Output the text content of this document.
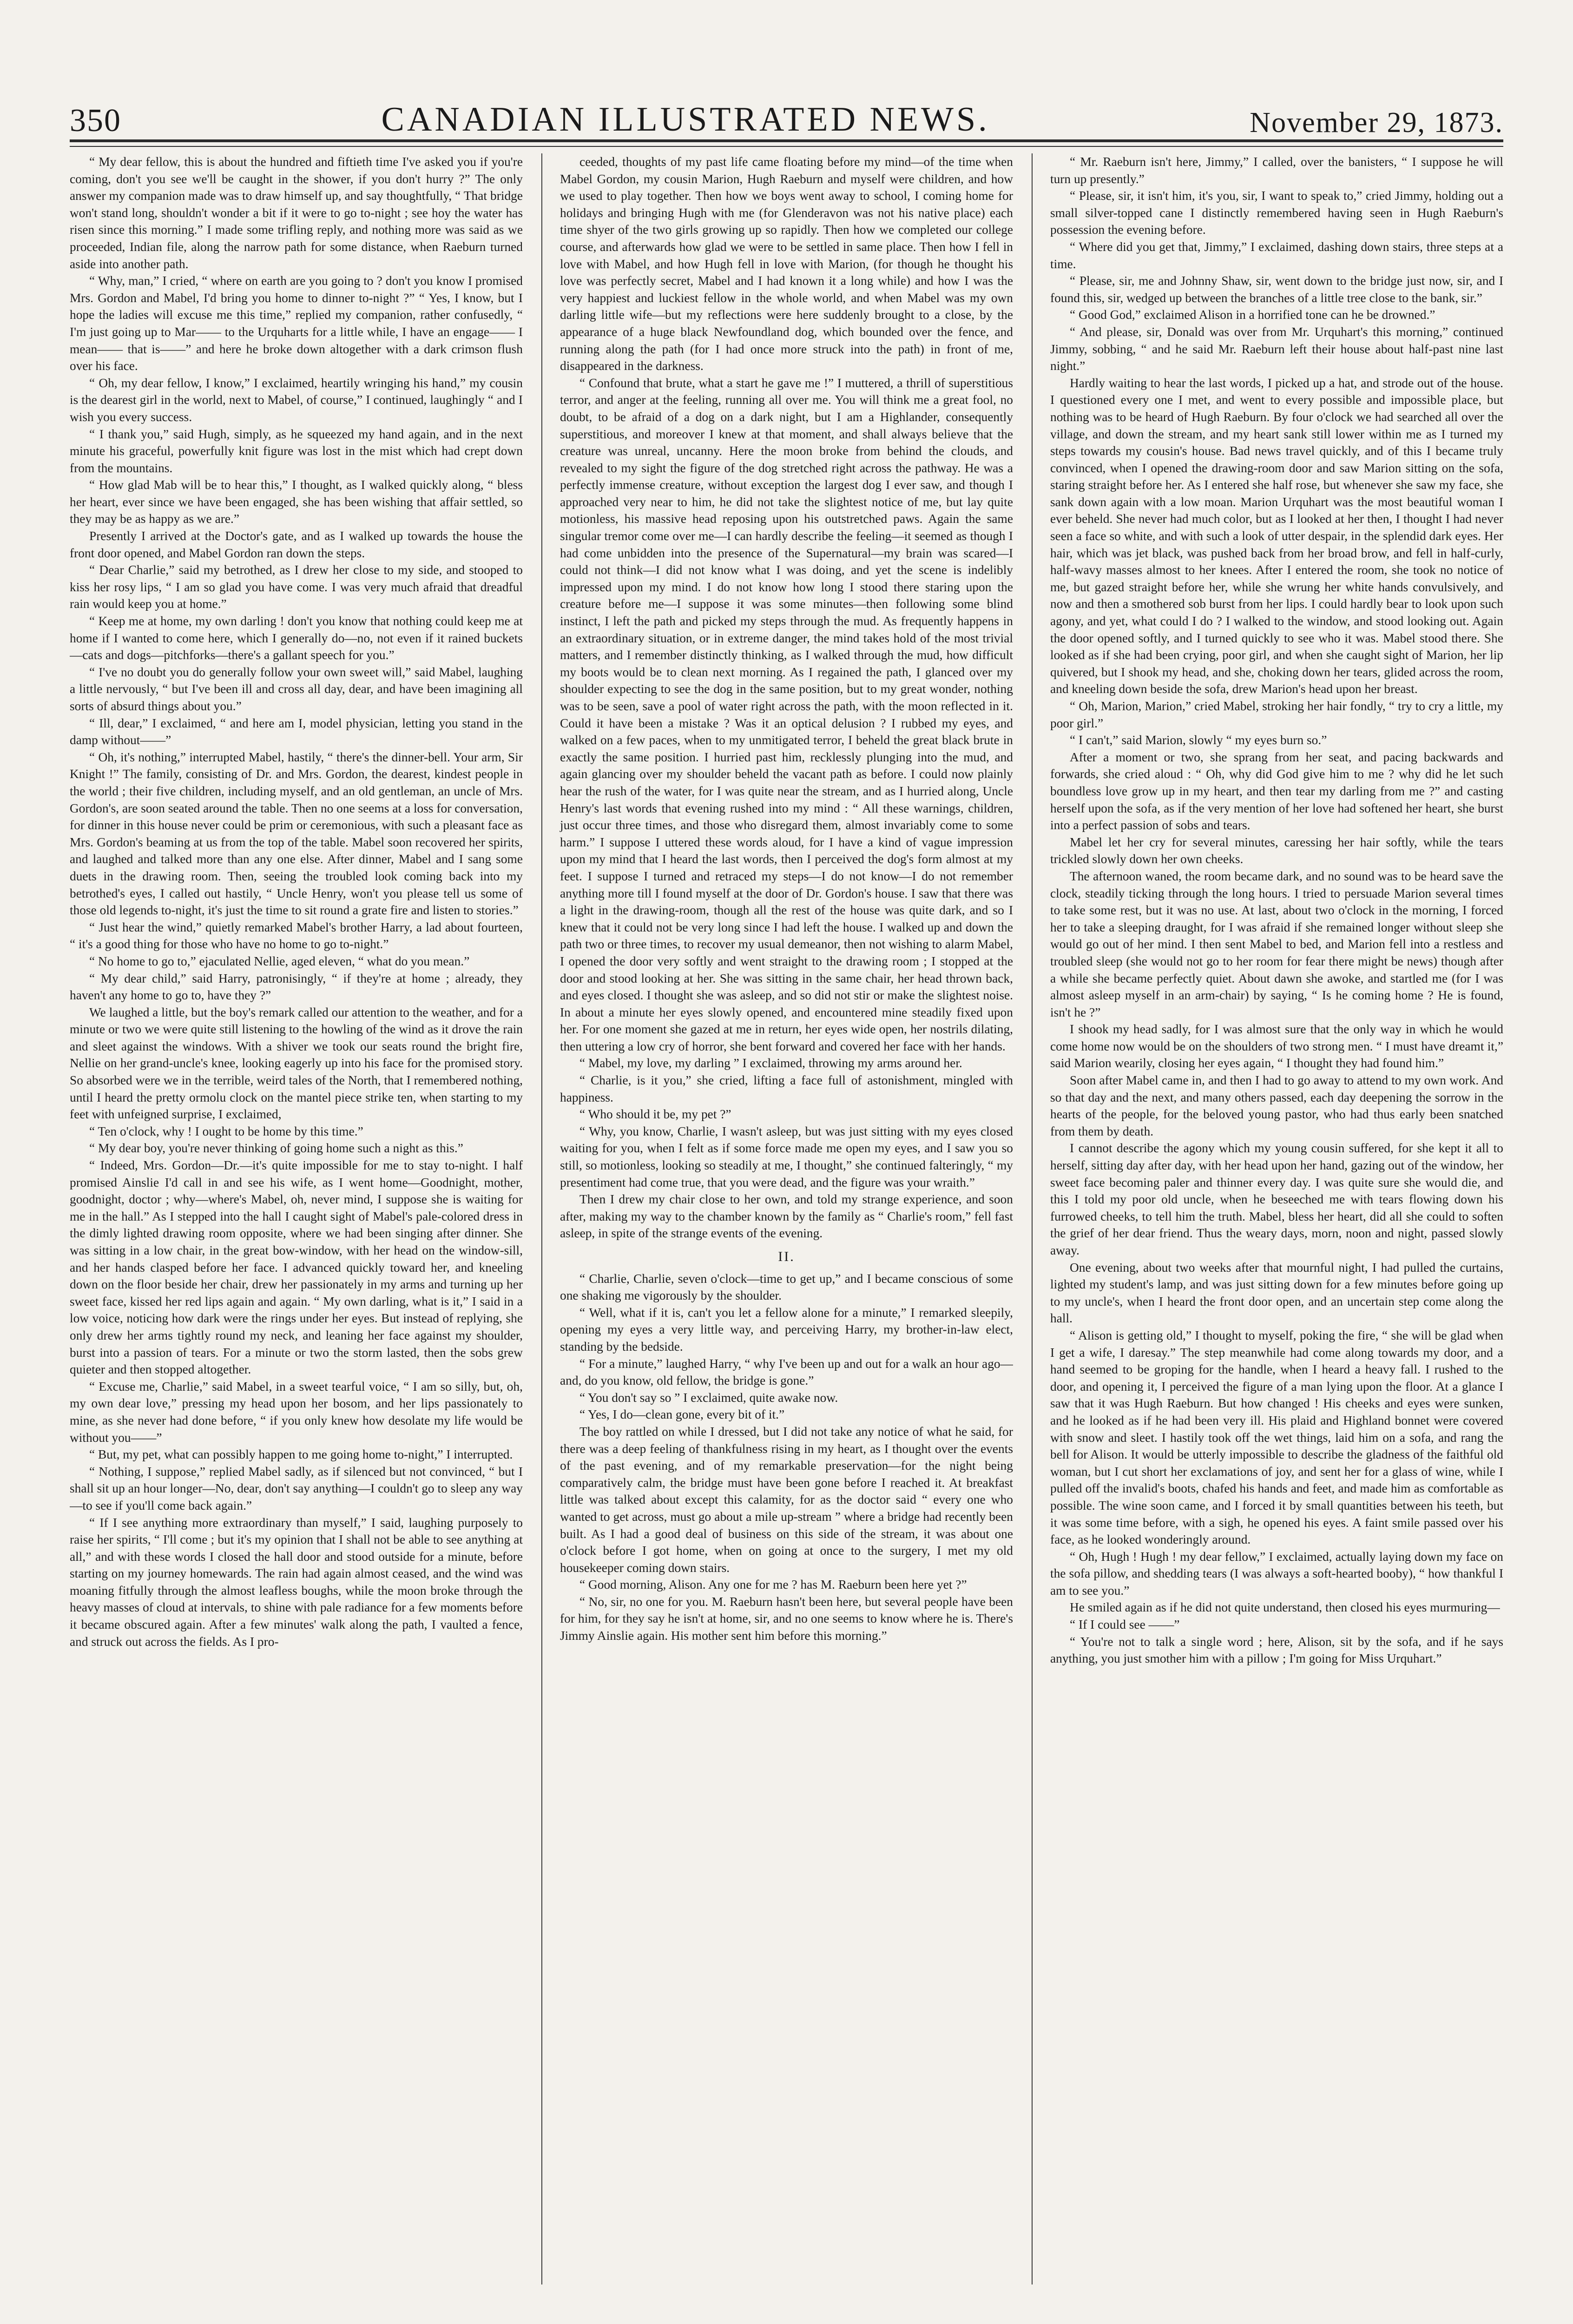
350	CANADIAN ILLUSTRATED NEWS.	November 29, 1873.

“ My dear fellow, this is about the hundred and fiftieth time I've asked you if you're coming, don't you see we'll be caught in the shower, if you don't hurry ?” The only answer my companion made was to draw himself up, and say thoughtfully, “ That bridge won't stand long, shouldn't wonder a bit if it were to go to-night ; see hoy the water has risen since this morning.” I made some trifling reply, and nothing more was said as we proceeded, Indian file, along the narrow path for some distance, when Raeburn turned aside into another path.

“ Why, man,” I cried, “ where on earth are you going to ? don't you know I promised Mrs. Gordon and Mabel, I'd bring you home to dinner to-night ?” “ Yes, I know, but I hope the ladies will excuse me this time,” replied my companion, rather confusedly, “ I'm just going up to Mar—— to the Urquharts for a little while, I have an engage—— I mean—— that is——” and here he broke down altogether with a dark crimson flush over his face.

“ Oh, my dear fellow, I know,” I exclaimed, heartily wringing his hand,” my cousin is the dearest girl in the world, next to Mabel, of course,” I continued, laughingly “ and I wish you every success.

“ I thank you,” said Hugh, simply, as he squeezed my hand again, and in the next minute his graceful, powerfully knit figure was lost in the mist which had crept down from the mountains.

“ How glad Mab will be to hear this,” I thought, as I walked quickly along, “ bless her heart, ever since we have been engaged, she has been wishing that affair settled, so they may be as happy as we are.”

Presently I arrived at the Doctor's gate, and as I walked up towards the house the front door opened, and Mabel Gordon ran down the steps.

“ Dear Charlie,” said my betrothed, as I drew her close to my side, and stooped to kiss her rosy lips, “ I am so glad you have come. I was very much afraid that dreadful rain would keep you at home.”

“ Keep me at home, my own darling ! don't you know that nothing could keep me at home if I wanted to come here, which I generally do—no, not even if it rained buckets—cats and dogs—pitchforks—there's a gallant speech for you.”

“ I've no doubt you do generally follow your own sweet will,” said Mabel, laughing a little nervously, “ but I've been ill and cross all day, dear, and have been imagining all sorts of absurd things about you.”

“ Ill, dear,” I exclaimed, “ and here am I, model physician, letting you stand in the damp without——”

“ Oh, it's nothing,” interrupted Mabel, hastily, “ there's the dinner-bell. Your arm, Sir Knight !” The family, consisting of Dr. and Mrs. Gordon, the dearest, kindest people in the world ; their five children, including myself, and an old gentleman, an uncle of Mrs. Gordon's, are soon seated around the table. Then no one seems at a loss for conversation, for dinner in this house never could be prim or ceremonious, with such a pleasant face as Mrs. Gordon's beaming at us from the top of the table. Mabel soon recovered her spirits, and laughed and talked more than any one else. After dinner, Mabel and I sang some duets in the drawing room. Then, seeing the troubled look coming back into my betrothed's eyes, I called out hastily, “ Uncle Henry, won't you please tell us some of those old legends to-night, it's just the time to sit round a grate fire and listen to stories.”

“ Just hear the wind,” quietly remarked Mabel's brother Harry, a lad about fourteen, “ it's a good thing for those who have no home to go to-night.”

“ No home to go to,” ejaculated Nellie, aged eleven, “ what do you mean.”

“ My dear child,” said Harry, patronisingly, “ if they're at home ; already, they haven't any home to go to, have they ?”

We laughed a little, but the boy's remark called our attention to the weather, and for a minute or two we were quite still listening to the howling of the wind as it drove the rain and sleet against the windows. With a shiver we took our seats round the bright fire, Nellie on her grand-uncle's knee, looking eagerly up into his face for the promised story. So absorbed were we in the terrible, weird tales of the North, that I remembered nothing, until I heard the pretty ormolu clock on the mantel piece strike ten, when starting to my feet with unfeigned surprise, I exclaimed,

“ Ten o'clock, why ! I ought to be home by this time.”

“ My dear boy, you're never thinking of going home such a night as this.”

“ Indeed, Mrs. Gordon—Dr.—it's quite impossible for me to stay to-night. I half promised Ainslie I'd call in and see his wife, as I went home—Goodnight, mother, goodnight, doctor ; why—where's Mabel, oh, never mind, I suppose she is waiting for me in the hall.” As I stepped into the hall I caught sight of Mabel's pale-colored dress in the dimly lighted drawing room opposite, where we had been singing after dinner. She was sitting in a low chair, in the great bow-window, with her head on the window-sill, and her hands clasped before her face. I advanced quickly toward her, and kneeling down on the floor beside her chair, drew her passionately in my arms and turning up her sweet face, kissed her red lips again and again. “ My own darling, what is it,” I said in a low voice, noticing how dark were the rings under her eyes. But instead of replying, she only drew her arms tightly round my neck, and leaning her face against my shoulder, burst into a passion of tears. For a minute or two the storm lasted, then the sobs grew quieter and then stopped altogether.

“ Excuse me, Charlie,” said Mabel, in a sweet tearful voice, “ I am so silly, but, oh, my own dear love,” pressing my head upon her bosom, and her lips passionately to mine, as she never had done before, “ if you only knew how desolate my life would be without you——”

“ But, my pet, what can possibly happen to me going home to-night,” I interrupted.

“ Nothing, I suppose,” replied Mabel sadly, as if silenced but not convinced, “ but I shall sit up an hour longer—No, dear, don't say anything—I couldn't go to sleep any way—to see if you'll come back again.”

“ If I see anything more extraordinary than myself,” I said, laughing purposely to raise her spirits, “ I'll come ; but it's my opinion that I shall not be able to see anything at all,” and with these words I closed the hall door and stood outside for a minute, before starting on my journey homewards. The rain had again almost ceased, and the wind was moaning fitfully through the almost leafless boughs, while the moon broke through the heavy masses of cloud at intervals, to shine with pale radiance for a few moments before it became obscured again. After a few minutes' walk along the path, I vaulted a fence, and struck out across the fields. As I pro-

ceeded, thoughts of my past life came floating before my mind—of the time when Mabel Gordon, my cousin Marion, Hugh Raeburn and myself were children, and how we used to play together. Then how we boys went away to school, I coming home for holidays and bringing Hugh with me (for Glenderavon was not his native place) each time shyer of the two girls growing up so rapidly. Then how we completed our college course, and afterwards how glad we were to be settled in same place. Then how I fell in love with Mabel, and how Hugh fell in love with Marion, (for though he thought his love was perfectly secret, Mabel and I had known it a long while) and how I was the very happiest and luckiest fellow in the whole world, and when Mabel was my own darling little wife—but my reflections were here suddenly brought to a close, by the appearance of a huge black Newfoundland dog, which bounded over the fence, and running along the path (for I had once more struck into the path) in front of me, disappeared in the darkness.

“ Confound that brute, what a start he gave me !” I muttered, a thrill of superstitious terror, and anger at the feeling, running all over me. You will think me a great fool, no doubt, to be afraid of a dog on a dark night, but I am a Highlander, consequently superstitious, and moreover I knew at that moment, and shall always believe that the creature was unreal, uncanny. Here the moon broke from behind the clouds, and revealed to my sight the figure of the dog stretched right across the pathway. He was a perfectly immense creature, without exception the largest dog I ever saw, and though I approached very near to him, he did not take the slightest notice of me, but lay quite motionless, his massive head reposing upon his outstretched paws. Again the same singular tremor come over me—I can hardly describe the feeling—it seemed as though I had come unbidden into the presence of the Supernatural—my brain was scared—I could not think—I did not know what I was doing, and yet the scene is indelibly impressed upon my mind. I do not know how long I stood there staring upon the creature before me—I suppose it was some minutes—then following some blind instinct, I left the path and picked my steps through the mud. As frequently happens in an extraordinary situation, or in extreme danger, the mind takes hold of the most trivial matters, and I remember distinctly thinking, as I walked through the mud, how difficult my boots would be to clean next morning. As I regained the path, I glanced over my shoulder expecting to see the dog in the same position, but to my great wonder, nothing was to be seen, save a pool of water right across the path, with the moon reflected in it. Could it have been a mistake ? Was it an optical delusion ? I rubbed my eyes, and walked on a few paces, when to my unmitigated terror, I beheld the great black brute in exactly the same position. I hurried past him, recklessly plunging into the mud, and again glancing over my shoulder beheld the vacant path as before. I could now plainly hear the rush of the water, for I was quite near the stream, and as I hurried along, Uncle Henry's last words that evening rushed into my mind : “ All these warnings, children, just occur three times, and those who disregard them, almost invariably come to some harm.” I suppose I uttered these words aloud, for I have a kind of vague impression upon my mind that I heard the last words, then I perceived the dog's form almost at my feet. I suppose I turned and retraced my steps—I do not know—I do not remember anything more till I found myself at the door of Dr. Gordon's house. I saw that there was a light in the drawing-room, though all the rest of the house was quite dark, and so I knew that it could not be very long since I had left the house. I walked up and down the path two or three times, to recover my usual demeanor, then not wishing to alarm Mabel, I opened the door very softly and went straight to the drawing room ; I stopped at the door and stood looking at her. She was sitting in the same chair, her head thrown back, and eyes closed. I thought she was asleep, and so did not stir or make the slightest noise. In about a minute her eyes slowly opened, and encountered mine steadily fixed upon her. For one moment she gazed at me in return, her eyes wide open, her nostrils dilating, then uttering a low cry of horror, she bent forward and covered her face with her hands.

“ Mabel, my love, my darling ” I exclaimed, throwing my arms around her.

“ Charlie, is it you,” she cried, lifting a face full of astonishment, mingled with happiness.

“ Who should it be, my pet ?”

“ Why, you know, Charlie, I wasn't asleep, but was just sitting with my eyes closed waiting for you, when I felt as if some force made me open my eyes, and I saw you so still, so motionless, looking so steadily at me, I thought,” she continued falteringly, “ my presentiment had come true, that you were dead, and the figure was your wraith.”

Then I drew my chair close to her own, and told my strange experience, and soon after, making my way to the chamber known by the family as “ Charlie's room,” fell fast asleep, in spite of the strange events of the evening.

II.

“ Charlie, Charlie, seven o'clock—time to get up,” and I became conscious of some one shaking me vigorously by the shoulder.

“ Well, what if it is, can't you let a fellow alone for a minute,” I remarked sleepily, opening my eyes a very little way, and perceiving Harry, my brother-in-law elect, standing by the bedside.

“ For a minute,” laughed Harry, “ why I've been up and out for a walk an hour ago—and, do you know, old fellow, the bridge is gone.”

“ You don't say so ” I exclaimed, quite awake now.

“ Yes, I do—clean gone, every bit of it.”

The boy rattled on while I dressed, but I did not take any notice of what he said, for there was a deep feeling of thankfulness rising in my heart, as I thought over the events of the past evening, and of my remarkable preservation—for the night being comparatively calm, the bridge must have been gone before I reached it. At breakfast little was talked about except this calamity, for as the doctor said “ every one who wanted to get across, must go about a mile up-stream ” where a bridge had recently been built. As I had a good deal of business on this side of the stream, it was about one o'clock before I got home, when on going at once to the surgery, I met my old housekeeper coming down stairs.

“ Good morning, Alison. Any one for me ? has M. Raeburn been here yet ?”

“ No, sir, no one for you. M. Raeburn hasn't been here, but several people have been for him, for they say he isn't at home, sir, and no one seems to know where he is. There's Jimmy Ainslie again. His mother sent him before this morning.”

“ Mr. Raeburn isn't here, Jimmy,” I called, over the banisters, “ I suppose he will turn up presently.”

“ Please, sir, it isn't him, it's you, sir, I want to speak to,” cried Jimmy, holding out a small silver-topped cane I distinctly remembered having seen in Hugh Raeburn's possession the evening before.

“ Where did you get that, Jimmy,” I exclaimed, dashing down stairs, three steps at a time.

“ Please, sir, me and Johnny Shaw, sir, went down to the bridge just now, sir, and I found this, sir, wedged up between the branches of a little tree close to the bank, sir.”

“ Good God,” exclaimed Alison in a horrified tone can he be drowned.”

“ And please, sir, Donald was over from Mr. Urquhart's this morning,” continued Jimmy, sobbing, “ and he said Mr. Raeburn left their house about half-past nine last night.”

Hardly waiting to hear the last words, I picked up a hat, and strode out of the house. I questioned every one I met, and went to every possible and impossible place, but nothing was to be heard of Hugh Raeburn. By four o'clock we had searched all over the village, and down the stream, and my heart sank still lower within me as I turned my steps towards my cousin's house. Bad news travel quickly, and of this I became truly convinced, when I opened the drawing-room door and saw Marion sitting on the sofa, staring straight before her. As I entered she half rose, but whenever she saw my face, she sank down again with a low moan. Marion Urquhart was the most beautiful woman I ever beheld. She never had much color, but as I looked at her then, I thought I had never seen a face so white, and with such a look of utter despair, in the splendid dark eyes. Her hair, which was jet black, was pushed back from her broad brow, and fell in half-curly, half-wavy masses almost to her knees. After I entered the room, she took no notice of me, but gazed straight before her, while she wrung her white hands convulsively, and now and then a smothered sob burst from her lips. I could hardly bear to look upon such agony, and yet, what could I do ? I walked to the window, and stood looking out. Again the door opened softly, and I turned quickly to see who it was. Mabel stood there. She looked as if she had been crying, poor girl, and when she caught sight of Marion, her lip quivered, but I shook my head, and she, choking down her tears, glided across the room, and kneeling down beside the sofa, drew Marion's head upon her breast.

“ Oh, Marion, Marion,” cried Mabel, stroking her hair fondly, “ try to cry a little, my poor girl.”

“ I can't,” said Marion, slowly “ my eyes burn so.”

After a moment or two, she sprang from her seat, and pacing backwards and forwards, she cried aloud : “ Oh, why did God give him to me ? why did he let such boundless love grow up in my heart, and then tear my darling from me ?” and casting herself upon the sofa, as if the very mention of her love had softened her heart, she burst into a perfect passion of sobs and tears.

Mabel let her cry for several minutes, caressing her hair softly, while the tears trickled slowly down her own cheeks.

The afternoon waned, the room became dark, and no sound was to be heard save the clock, steadily ticking through the long hours. I tried to persuade Marion several times to take some rest, but it was no use. At last, about two o'clock in the morning, I forced her to take a sleeping draught, for I was afraid if she remained longer without sleep she would go out of her mind. I then sent Mabel to bed, and Marion fell into a restless and troubled sleep (she would not go to her room for fear there might be news) though after a while she became perfectly quiet. About dawn she awoke, and startled me (for I was almost asleep myself in an arm-chair) by saying, “ Is he coming home ? He is found, isn't he ?”

I shook my head sadly, for I was almost sure that the only way in which he would come home now would be on the shoulders of two strong men. “ I must have dreamt it,” said Marion wearily, closing her eyes again, “ I thought they had found him.”

Soon after Mabel came in, and then I had to go away to attend to my own work. And so that day and the next, and many others passed, each day deepening the sorrow in the hearts of the people, for the beloved young pastor, who had thus early been snatched from them by death.

I cannot describe the agony which my young cousin suffered, for she kept it all to herself, sitting day after day, with her head upon her hand, gazing out of the window, her sweet face becoming paler and thinner every day. I was quite sure she would die, and this I told my poor old uncle, when he beseeched me with tears flowing down his furrowed cheeks, to tell him the truth. Mabel, bless her heart, did all she could to soften the grief of her dear friend. Thus the weary days, morn, noon and night, passed slowly away.

One evening, about two weeks after that mournful night, I had pulled the curtains, lighted my student's lamp, and was just sitting down for a few minutes before going up to my uncle's, when I heard the front door open, and an uncertain step come along the hall.

“ Alison is getting old,” I thought to myself, poking the fire, “ she will be glad when I get a wife, I daresay.” The step meanwhile had come along towards my door, and a hand seemed to be groping for the handle, when I heard a heavy fall. I rushed to the door, and opening it, I perceived the figure of a man lying upon the floor. At a glance I saw that it was Hugh Raeburn. But how changed ! His cheeks and eyes were sunken, and he looked as if he had been very ill. His plaid and Highland bonnet were covered with snow and sleet. I hastily took off the wet things, laid him on a sofa, and rang the bell for Alison. It would be utterly impossible to describe the gladness of the faithful old woman, but I cut short her exclamations of joy, and sent her for a glass of wine, while I pulled off the invalid's boots, chafed his hands and feet, and made him as comfortable as possible. The wine soon came, and I forced it by small quantities between his teeth, but it was some time before, with a sigh, he opened his eyes. A faint smile passed over his face, as he looked wonderingly around.

“ Oh, Hugh ! Hugh ! my dear fellow,” I exclaimed, actually laying down my face on the sofa pillow, and shedding tears (I was always a soft-hearted booby), “ how thankful I am to see you.”

He smiled again as if he did not quite understand, then closed his eyes murmuring—

“ If I could see ——”

“ You're not to talk a single word ; here, Alison, sit by the sofa, and if he says anything, you just smother him with a pillow ; I'm going for Miss Urquhart.”
